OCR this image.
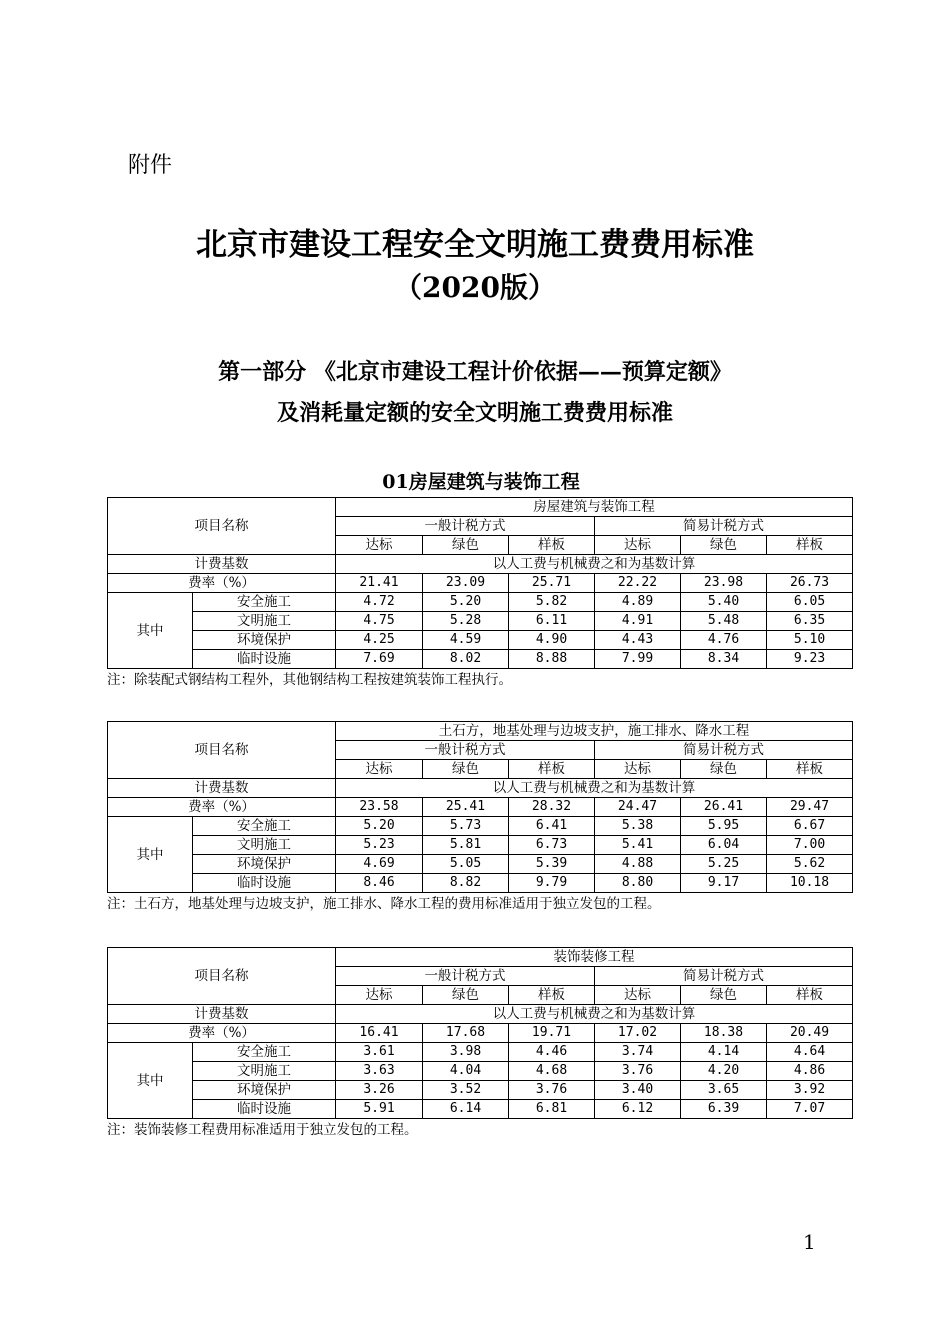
附件
北京市建设工程安全文明施工费费用标准
（2020版）
第一部分 《北京市建设工程计价依据——预算定额》
及消耗量定额的安全文明施工费费用标准
01房屋建筑与装饰工程
项目名称		房屋建筑与装饰工程					
		一般计税方式			简易计税方式		
		达标	绿色	样板	达标	绿色	样板
计费基数		以人工费与机械费之和为基数计算					
费率（%）		21.41	23.09	25.71	22.22	23.98	26.73
其中	安全施工	4.72	5.20	5.82	4.89	5.40	6.05
	文明施工	4.75	5.28	6.11	4.91	5.48	6.35
	环境保护	4.25	4.59	4.90	4.43	4.76	5.10
	临时设施	7.69	8.02	8.88	7.99	8.34	9.23
注：除装配式钢结构工程外，其他钢结构工程按建筑装饰工程执行。
项目名称		土石方，地基处理与边坡支护，施工排水、降水工程					
		一般计税方式			简易计税方式		
		达标	绿色	样板	达标	绿色	样板
计费基数		以人工费与机械费之和为基数计算					
费率（%）		23.58	25.41	28.32	24.47	26.41	29.47
其中	安全施工	5.20	5.73	6.41	5.38	5.95	6.67
	文明施工	5.23	5.81	6.73	5.41	6.04	7.00
	环境保护	4.69	5.05	5.39	4.88	5.25	5.62
	临时设施	8.46	8.82	9.79	8.80	9.17	10.18
注：土石方，地基处理与边坡支护，施工排水、降水工程的费用标准适用于独立发包的工程。
项目名称		装饰装修工程					
		一般计税方式			简易计税方式		
		达标	绿色	样板	达标	绿色	样板
计费基数		以人工费与机械费之和为基数计算					
费率（%）		16.41	17.68	19.71	17.02	18.38	20.49
其中	安全施工	3.61	3.98	4.46	3.74	4.14	4.64
	文明施工	3.63	4.04	4.68	3.76	4.20	4.86
	环境保护	3.26	3.52	3.76	3.40	3.65	3.92
	临时设施	5.91	6.14	6.81	6.12	6.39	7.07
注：装饰装修工程费用标准适用于独立发包的工程。
1
